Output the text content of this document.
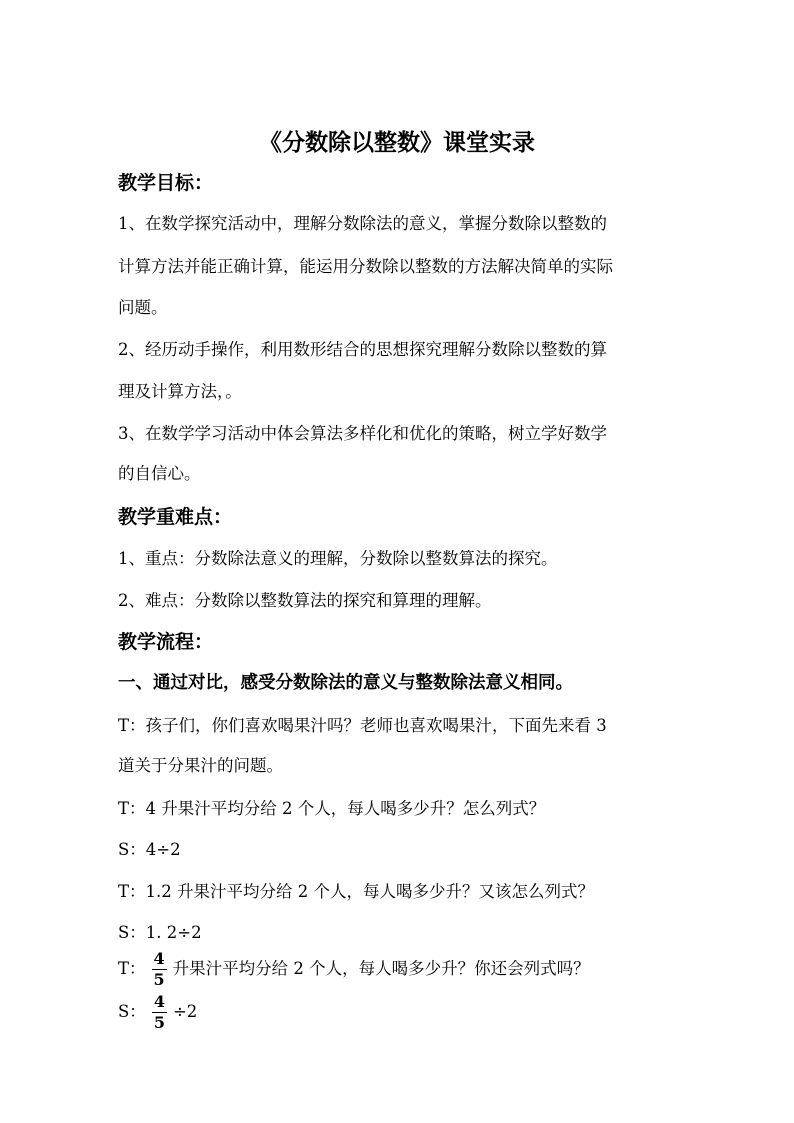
《分数除以整数》课堂实录
教学目标：
1、在数学探究活动中，理解分数除法的意义，掌握分数除以整数的
计算方法并能正确计算，能运用分数除以整数的方法解决简单的实际
问题。
2、经历动手操作，利用数形结合的思想探究理解分数除以整数的算
理及计算方法，。
3、在数学学习活动中体会算法多样化和优化的策略，树立学好数学
的自信心。
教学重难点：
1、重点：分数除法意义的理解，分数除以整数算法的探究。
2、难点：分数除以整数算法的探究和算理的理解。
教学流程：
一、通过对比，感受分数除法的意义与整数除法意义相同。
T：孩子们，你们喜欢喝果汁吗？老师也喜欢喝果汁，下面先来看 3
道关于分果汁的问题。
T：4 升果汁平均分给 2 个人，每人喝多少升？怎么列式？
S：4÷2
T：1.2 升果汁平均分给 2 个人，每人喝多少升？又该怎么列式？
S：1. 2÷2
T： $\frac{4}{5}$ 升果汁平均分给 2 个人，每人喝多少升？你还会列式吗？
S： $\frac{4}{5} \div 2$
